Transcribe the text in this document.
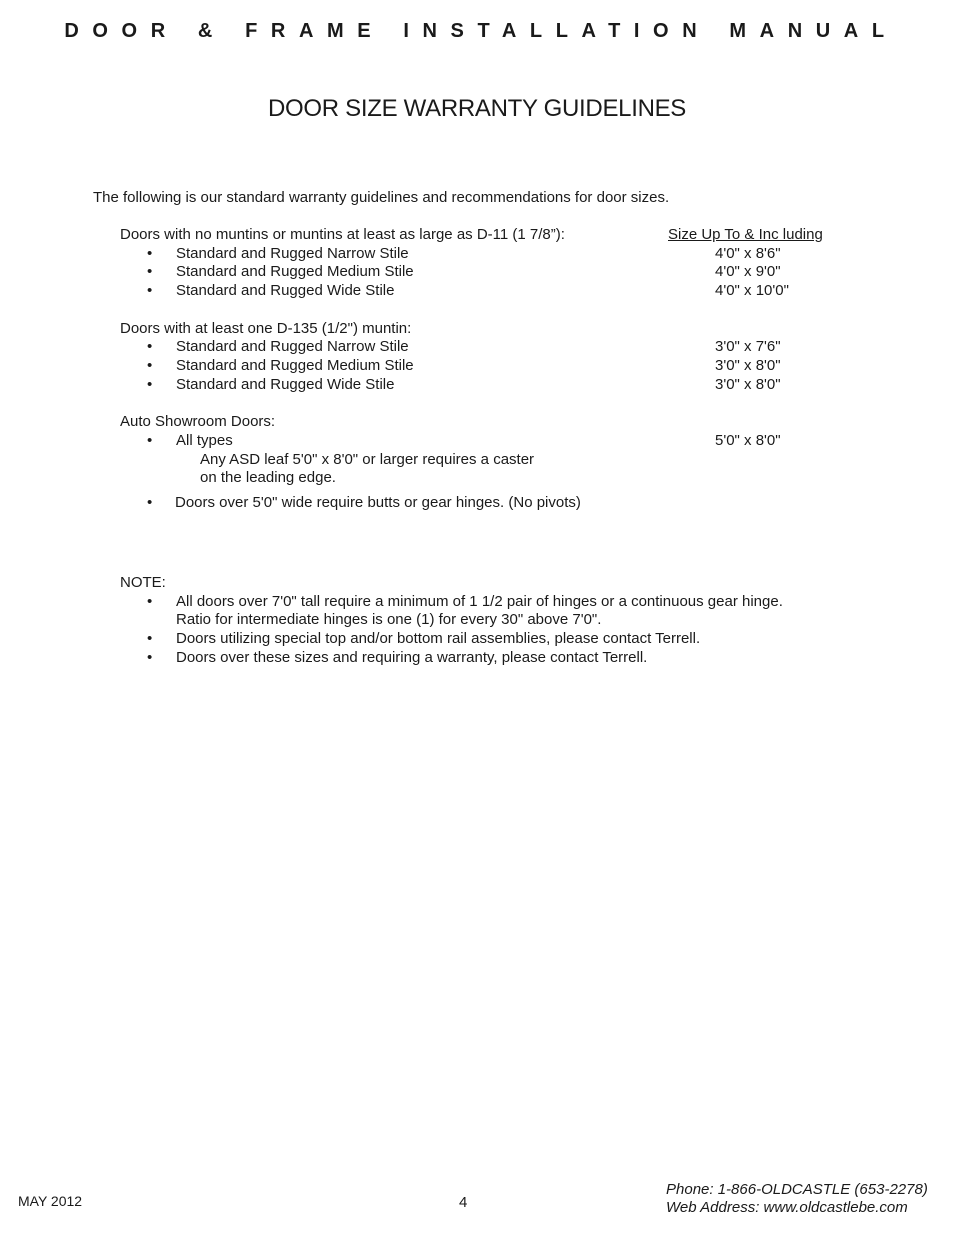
DOOR & FRAME INSTALLATION MANUAL
DOOR SIZE WARRANTY GUIDELINES
The following is our standard warranty guidelines and recommendations for door sizes.
Doors with no muntins or muntins at least as large as D-11 (1 7/8”):	Size Up To & Inc luding
• Standard and Rugged Narrow Stile	4'0" x 8'6"
• Standard and Rugged Medium Stile	4'0" x 9'0"
• Standard and Rugged Wide Stile	4'0" x 10'0"
Doors with at least one D-135 (1/2") muntin:
• Standard and Rugged Narrow Stile	3'0" x 7'6"
• Standard and Rugged Medium Stile	3'0" x 8'0"
• Standard and Rugged Wide Stile	3'0" x 8'0"
Auto Showroom Doors:
• All types	5'0" x 8'0"
Any ASD leaf 5'0" x 8'0" or larger requires a caster
on the leading edge.
• Doors over 5'0" wide require butts or gear hinges. (No pivots)
NOTE:
• All doors over 7'0" tall require a minimum of 1 1/2 pair of hinges or a continuous gear hinge.
Ratio for intermediate hinges is one (1) for every 30" above 7'0".
• Doors utilizing special top and/or bottom rail assemblies, please contact Terrell.
• Doors over these sizes and requiring a warranty, please contact Terrell.
MAY 2012	4
Phone: 1-866-OLDCASTLE (653-2278)
Web Address: www.oldcastlebe.com
